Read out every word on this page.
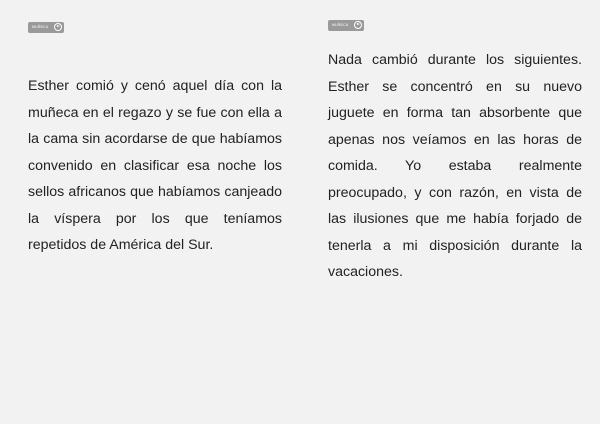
MUÑECA

Esther comió y cenó aquel día con la muñeca en el regazo y se fue con ella a la cama sin acordarse de que habíamos convenido en clasificar esa noche los sellos africanos que habíamos canjeado la víspera por los que teníamos repetidos de América del Sur.

MUÑECA

Nada cambió durante los siguientes. Esther se concentró en su nuevo juguete en forma tan absorbente que apenas nos veíamos en las horas de comida. Yo estaba realmente preocupado, y con razón, en vista de las ilusiones que me había forjado de tenerla a mi disposición durante la vacaciones.
